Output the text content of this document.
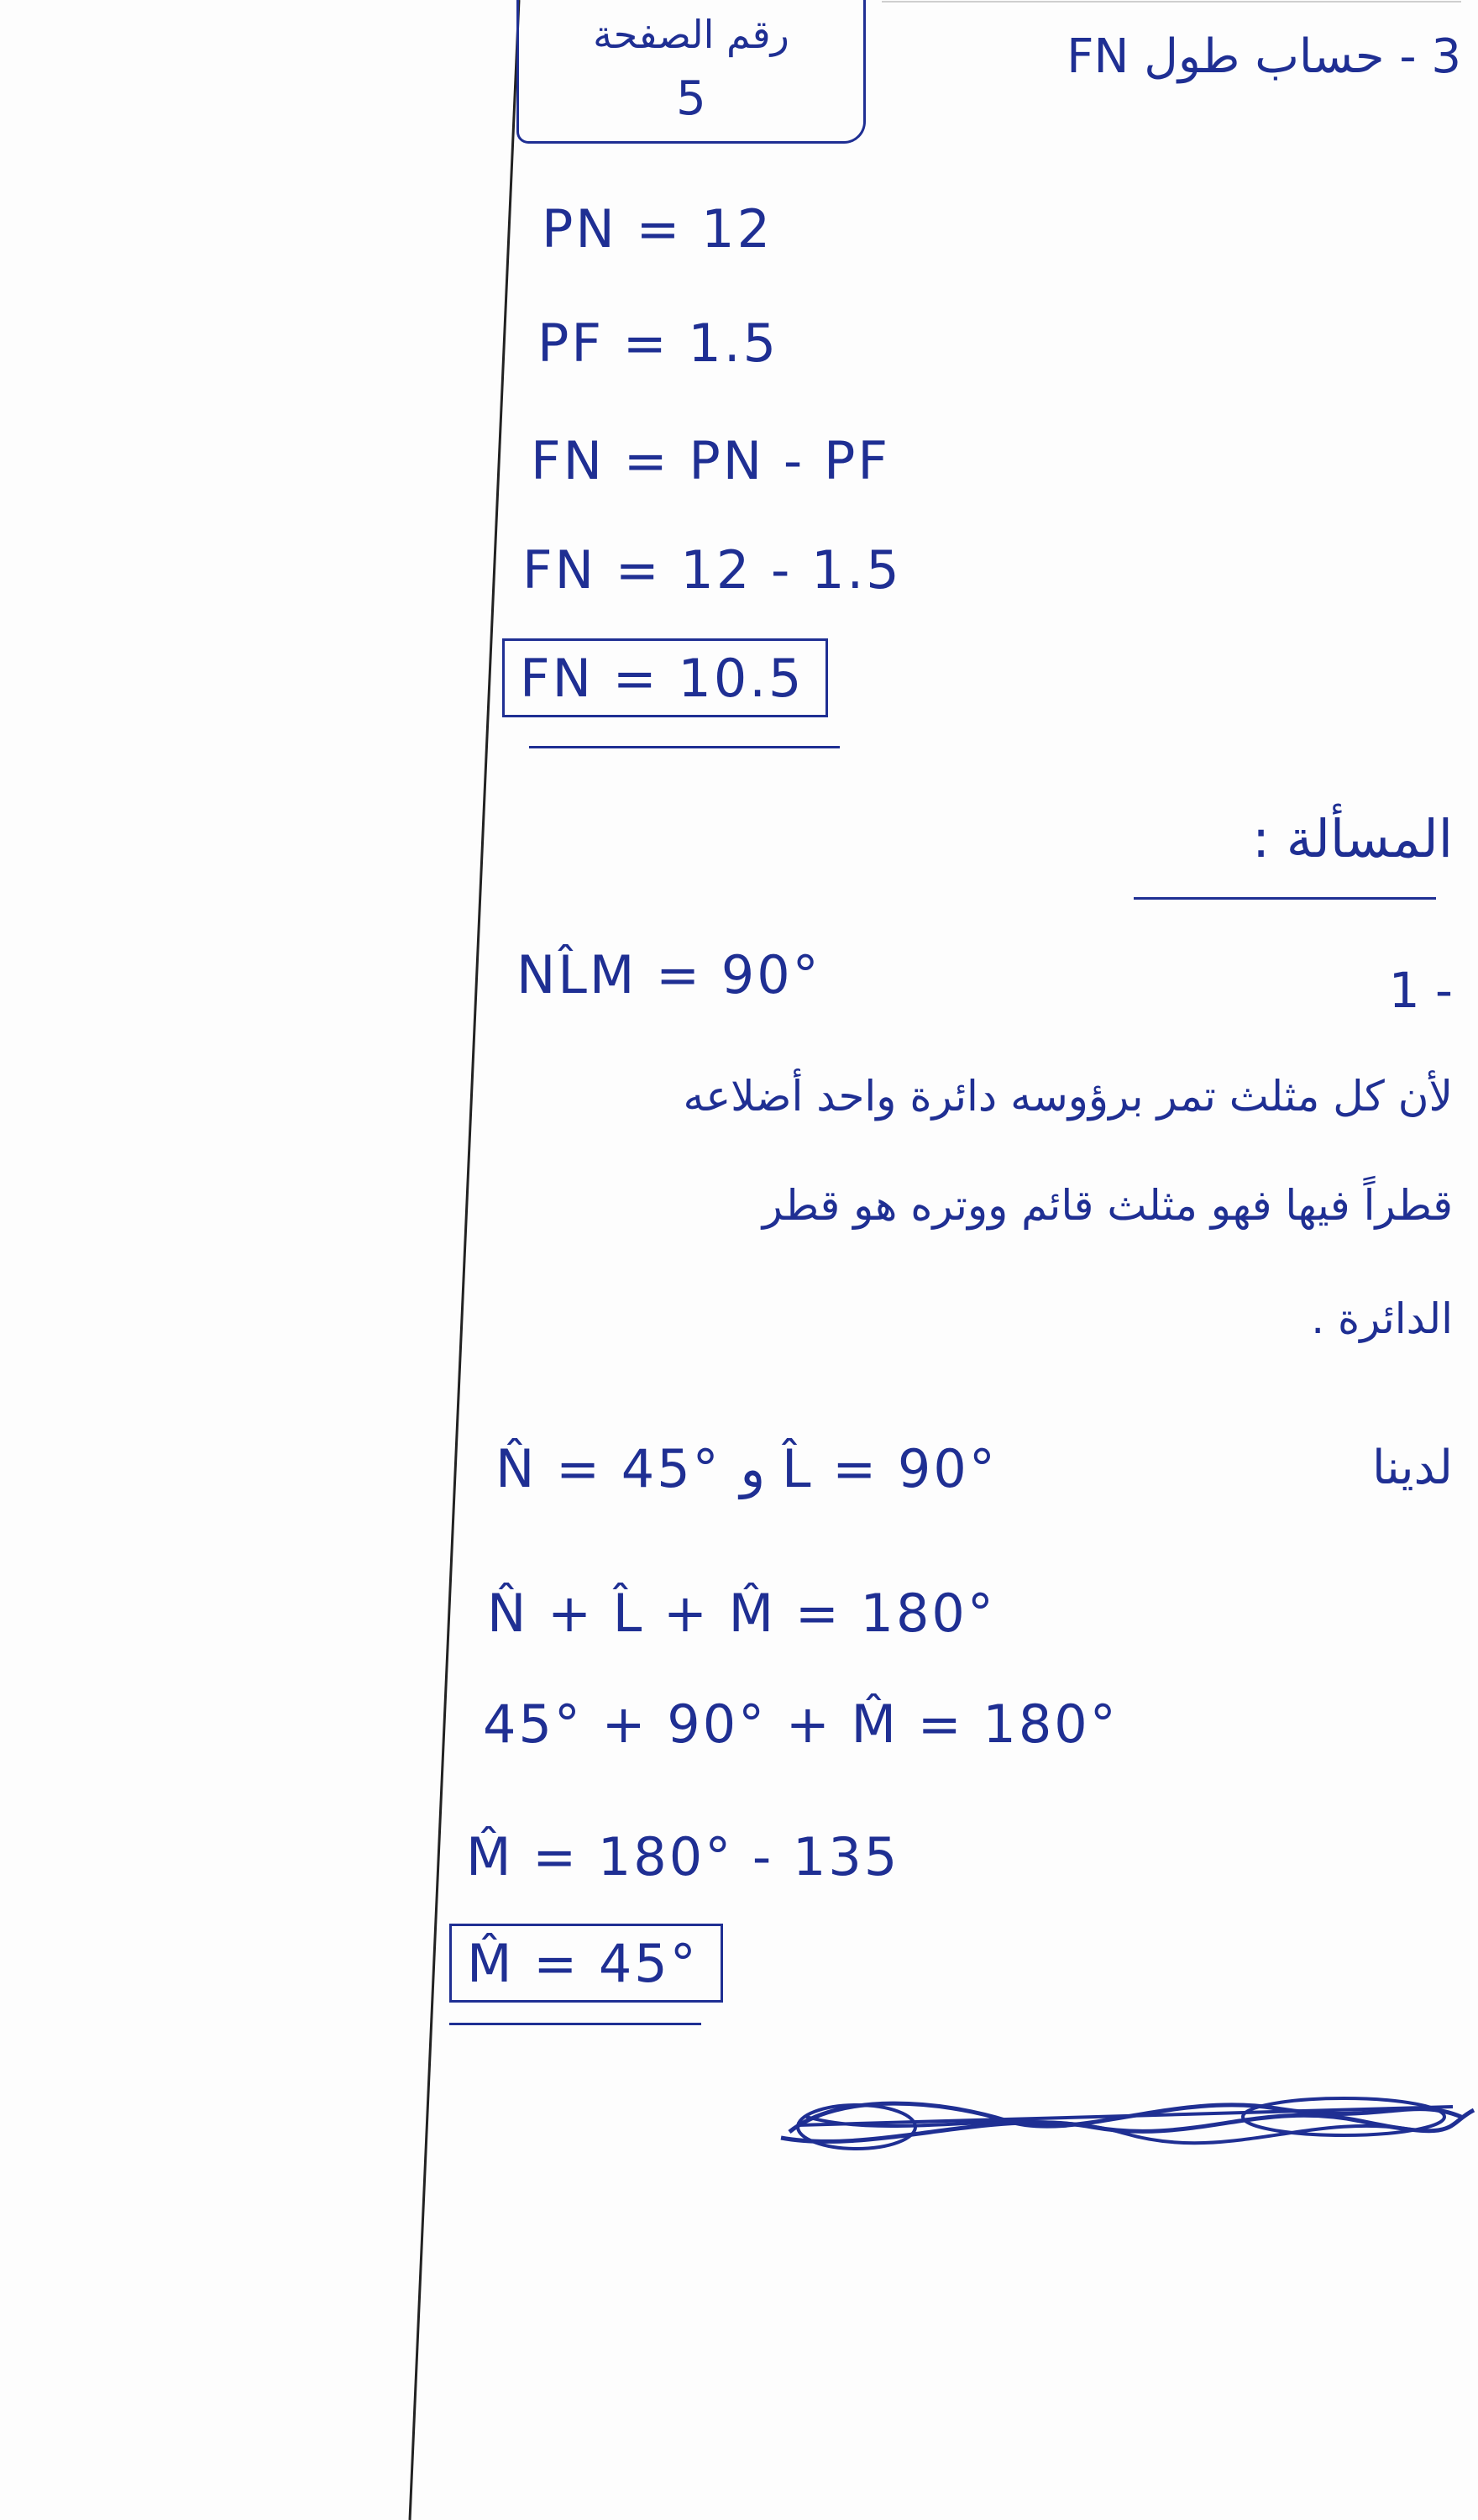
رقم الصفحة
5
3 - حساب طول FN
PN = 12
PF = 1.5
FN = PN - PF
FN = 12 - 1.5
FN = 10.5
المسألة :
NL̂M = 90°	1 -
لأن كل مثلث تمر برؤوسه دائرة واحد أضلاعه
قطراً فيها فهو مثلث قائم ووتره هو قطر
الدائرة .
لدينا
N̂ = 45° و L̂ = 90°
N̂ + L̂ + M̂ = 180°
45° + 90° + M̂ = 180°
M̂ = 180° - 135
M̂ = 45°
